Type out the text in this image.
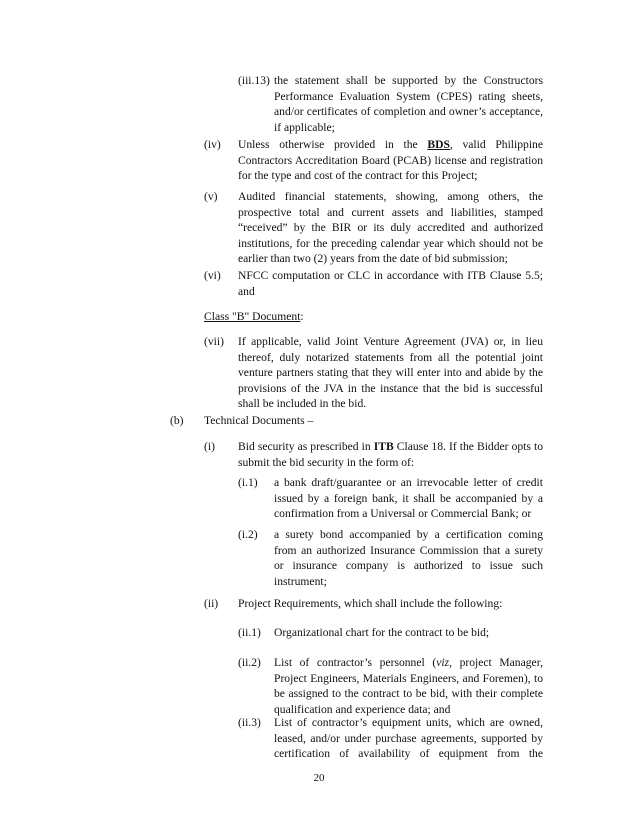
(iii.13) the statement shall be supported by the Constructors Performance Evaluation System (CPES) rating sheets, and/or certificates of completion and owner’s acceptance, if applicable;
(iv) Unless otherwise provided in the BDS, valid Philippine Contractors Accreditation Board (PCAB) license and registration for the type and cost of the contract for this Project;
(v) Audited financial statements, showing, among others, the prospective total and current assets and liabilities, stamped “received” by the BIR or its duly accredited and authorized institutions, for the preceding calendar year which should not be earlier than two (2) years from the date of bid submission;
(vi) NFCC computation or CLC in accordance with ITB Clause 5.5; and
Class "B" Document:
(vii) If applicable, valid Joint Venture Agreement (JVA) or, in lieu thereof, duly notarized statements from all the potential joint venture partners stating that they will enter into and abide by the provisions of the JVA in the instance that the bid is successful shall be included in the bid.
(b) Technical Documents –
(i) Bid security as prescribed in ITB Clause 18. If the Bidder opts to submit the bid security in the form of:
(i.1) a bank draft/guarantee or an irrevocable letter of credit issued by a foreign bank, it shall be accompanied by a confirmation from a Universal or Commercial Bank; or
(i.2) a surety bond accompanied by a certification coming from an authorized Insurance Commission that a surety or insurance company is authorized to issue such instrument;
(ii) Project Requirements, which shall include the following:
(ii.1) Organizational chart for the contract to be bid;
(ii.2) List of contractor’s personnel (viz, project Manager, Project Engineers, Materials Engineers, and Foremen), to be assigned to the contract to be bid, with their complete qualification and experience data; and
(ii.3) List of contractor’s equipment units, which are owned, leased, and/or under purchase agreements, supported by certification of availability of equipment from the
20
